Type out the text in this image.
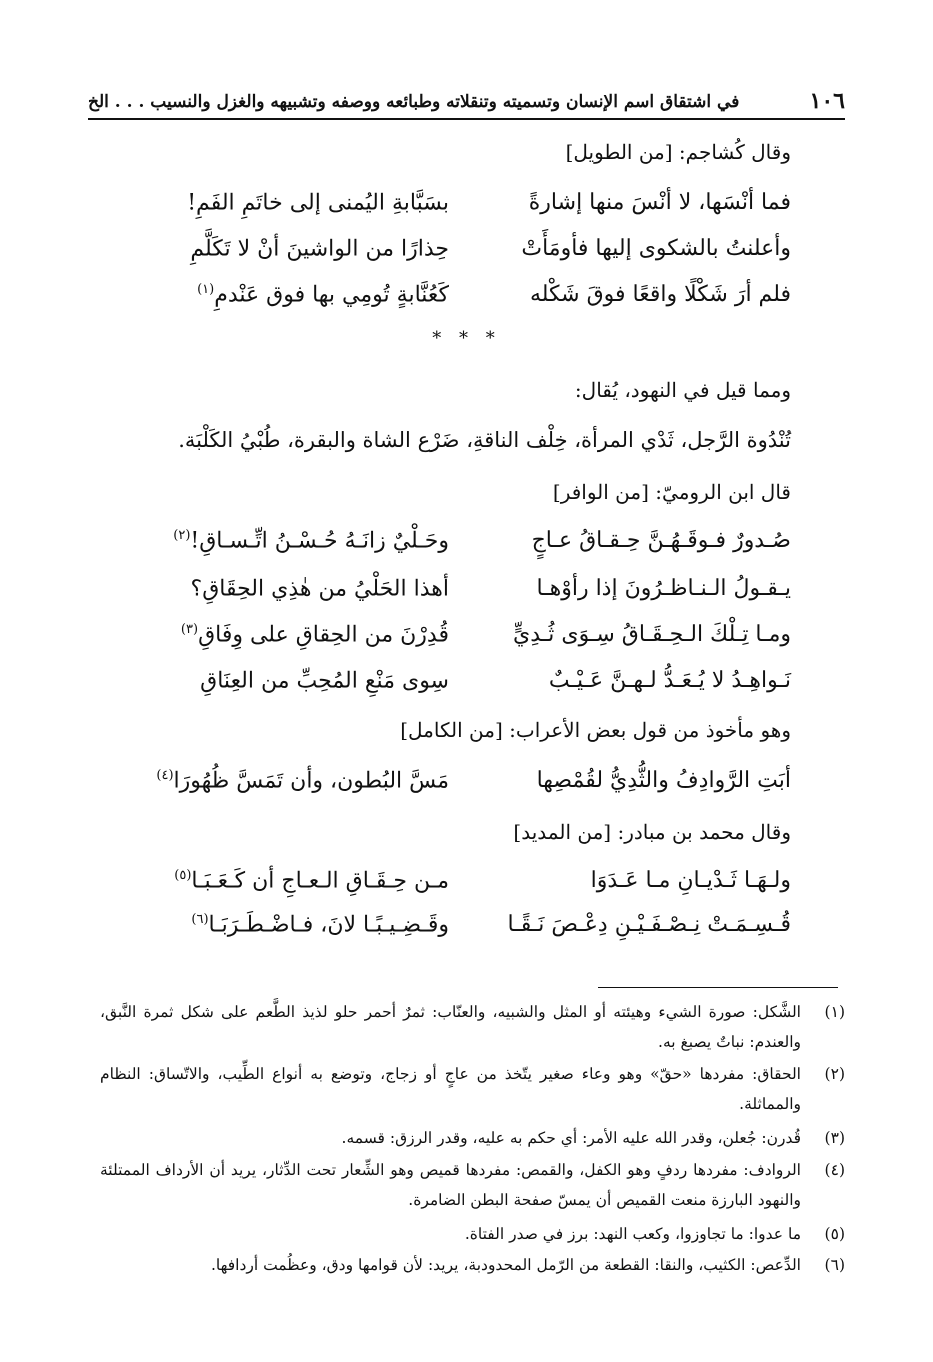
١٠٦
في اشتقاق اسم الإنسان وتسميته وتنقلاته وطبائعه ووصفه وتشبيهه والغزل والنسيب . . . الخ
وقال كُشاجم: [من الطويل]
فما أنْسَها، لا أنْسَ منها إشارةً
بسَبَّابةِ اليُمنى إلى خاتَمِ الفَمِ!
وأعلنتُ بالشكوى إليها فأومَأَتْ
حِذارًا من الواشينَ أنْ لا تَكَلَّمِ
فلم أرَ شَكْلًا واقعًا فوقَ شَكْله
كَعُنَّابةٍ تُومِي بها فوق عَنْدمِ$^{(١)}$
* * *
ومما قيل في النهود، يُقال:
تُنْدُوة الرَّجل، ثَدْي المرأة، خِلْف الناقةِ، ضَرْع الشاة والبقرة، طُبْيُ الكَلْبَة.
قال ابن الروميّ: [من الوافر]
صُـدورٌ فـوقَـهُـنَّ حِـقـاقُ عـاجٍ
وحَـلْيٌ زانَـهُ حُـسْـنُ اتِّـسـاقِ!$^{(٢)}$
يـقـولُ الـنـاظـرُونَ إذا رأوْهـا
أهذا الحَلْيُ من هٰذِي الحِقَاقِ؟
ومـا تِـلْكَ الـحِـقَـاقُ سِـوَى ثُـدِيٍّ
قُدِرْنَ من الحِقاقِ على وِفَاقِ$^{(٣)}$
نَـواهِـدُ لا يُـعَـدُّ لـهـنَّ عَـيْـبٌ
سِوى مَنْعِ المُحِبِّ من العِنَاقِ
وهو مأخوذ من قول بعض الأعراب: [من الكامل]
أبَتِ الرَّوادِفُ والثُّدِيُّ لقُمْصِها
مَسَّ البُطون، وأن تَمَسَّ ظُهُورَا$^{(٤)}$
وقال محمد بن مبادر: [من المديد]
ولـهَـا ثَـدْيـانِ مـا عَـدَوَا
مـن حِـقَـاقِ الـعـاجِ أن كَـعَـبَـا$^{(٥)}$
قُـسِـمَـتْ نِـصْـفَـيْـنِ دِعْـصَ نَـقًـا
وقَـضِـيـبًـا لانَ، فـاضْـطَـرَبَـا$^{(٦)}$
(١)
الشَّكل: صورة الشيء وهيئته أو المثل والشبيه، والعنّاب: ثمرٌ أحمر حلو لذيذ الطَّعم على شكل ثمرة النَّبق، والعندم: نباتٌ يصبغ به.
(٢)
الحقاق: مفردها «حقّ» وهو وعاء صغير يتّخذ من عاجٍ أو زجاج، وتوضع به أنواع الطِّيب، والاتّساق: النظام والمماثلة.
(٣)
قُدرن: جُعلن، وقدر الله عليه الأمر: أي حكم به عليه، وقدر الرزق: قسمه.
(٤)
الروادف: مفردها ردفٍ وهو الكفل، والقمص: مفردها قميص وهو الشِّعار تحت الدِّثار، يريد أن الأرداف الممتلئة والنهود البارزة منعت القميص أن يمسّ صفحة البطن الضامرة.
(٥)
ما عدوا: ما تجاوزوا، وكعب النهد: برز في صدر الفتاة.
(٦)
الدِّعص: الكثيب، والنقا: القطعة من الرّمل المحدودبة، يريد: لأن قوامها ودق، وعظُمت أردافها.
